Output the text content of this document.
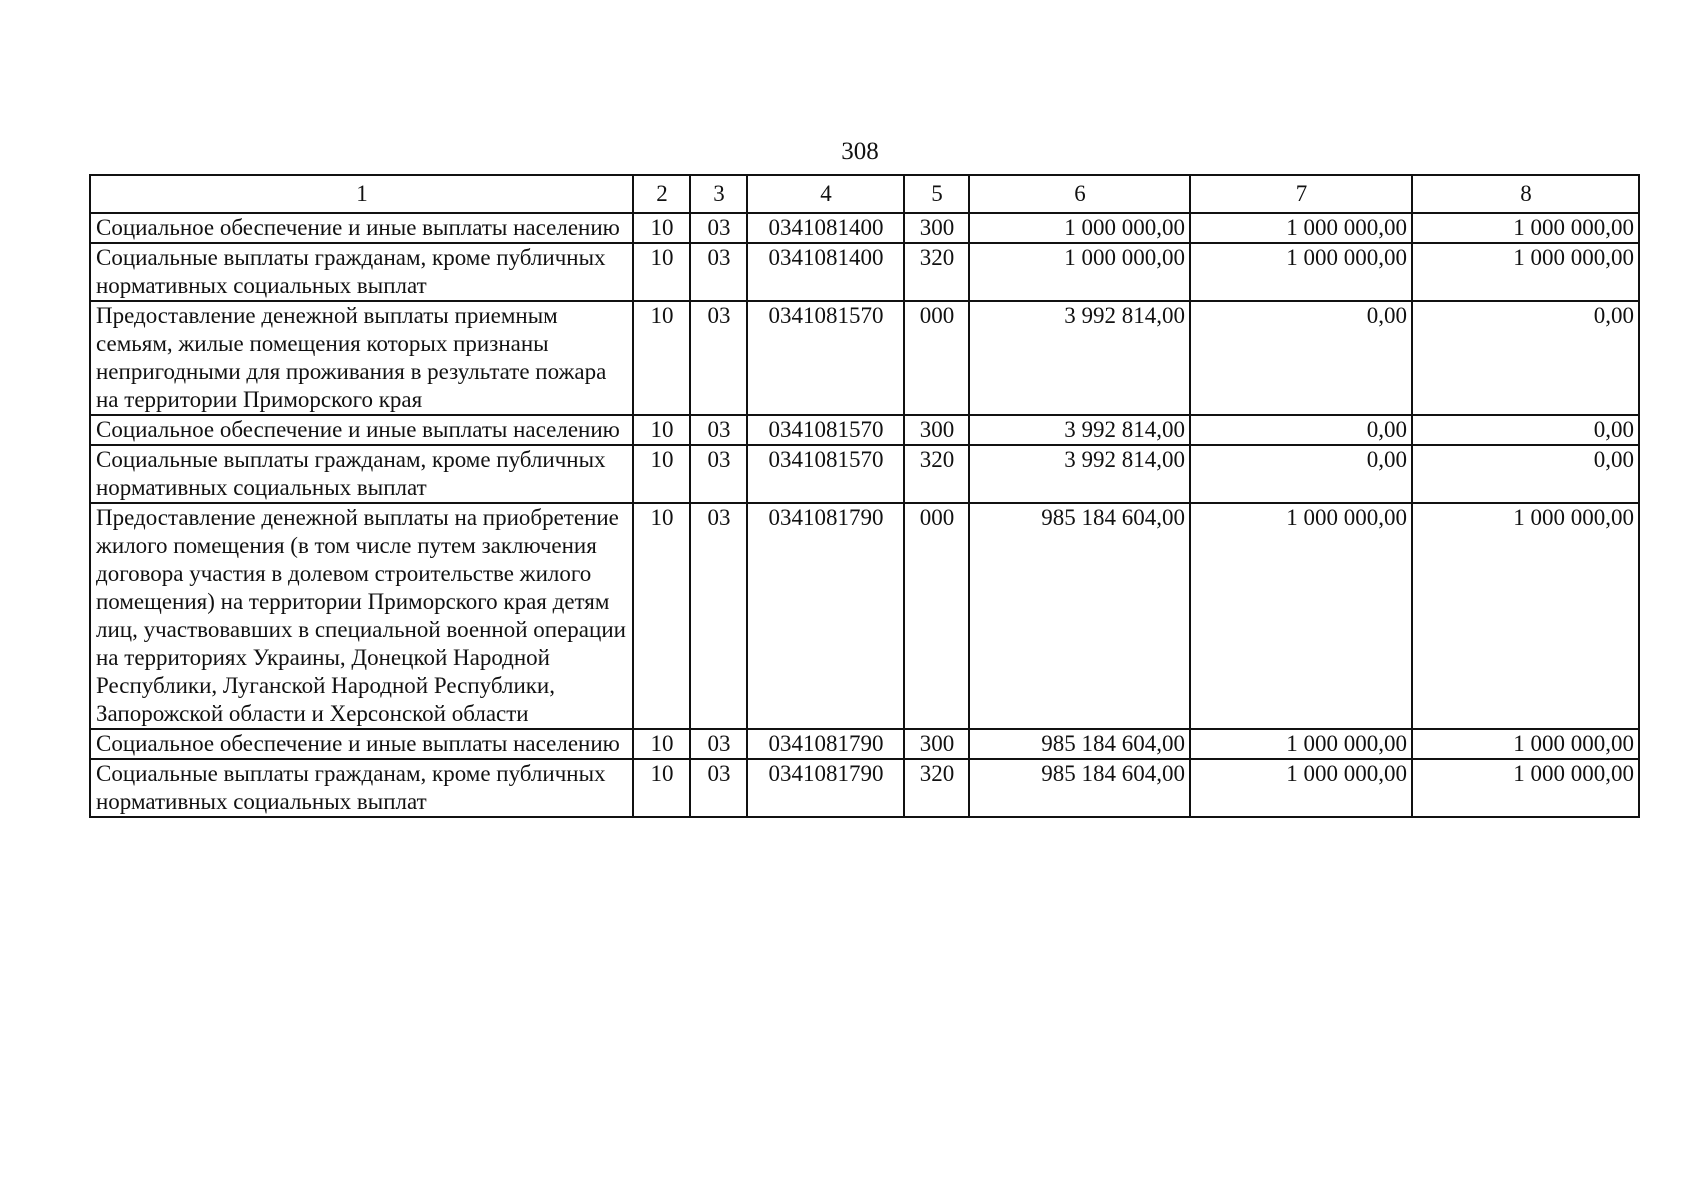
308
1	2	3	4	5	6	7	8
Социальное обеспечение и иные выплаты населению	10	03	0341081400	300	1 000 000,00	1 000 000,00	1 000 000,00
Социальные выплаты гражданам, кроме публичных нормативных социальных выплат	10	03	0341081400	320	1 000 000,00	1 000 000,00	1 000 000,00
Предоставление денежной выплаты приемным семьям, жилые помещения которых признаны непригодными для проживания в результате пожара на территории Приморского края	10	03	0341081570	000	3 992 814,00	0,00	0,00
Социальное обеспечение и иные выплаты населению	10	03	0341081570	300	3 992 814,00	0,00	0,00
Социальные выплаты гражданам, кроме публичных нормативных социальных выплат	10	03	0341081570	320	3 992 814,00	0,00	0,00
Предоставление денежной выплаты на приобретение жилого помещения (в том числе путем заключения договора участия в долевом строительстве жилого помещения) на территории Приморского края детям лиц, участвовавших в специальной военной операции на территориях Украины, Донецкой Народной Республики, Луганской Народной Республики, Запорожской области и Херсонской области	10	03	0341081790	000	985 184 604,00	1 000 000,00	1 000 000,00
Социальное обеспечение и иные выплаты населению	10	03	0341081790	300	985 184 604,00	1 000 000,00	1 000 000,00
Социальные выплаты гражданам, кроме публичных нормативных социальных выплат	10	03	0341081790	320	985 184 604,00	1 000 000,00	1 000 000,00
